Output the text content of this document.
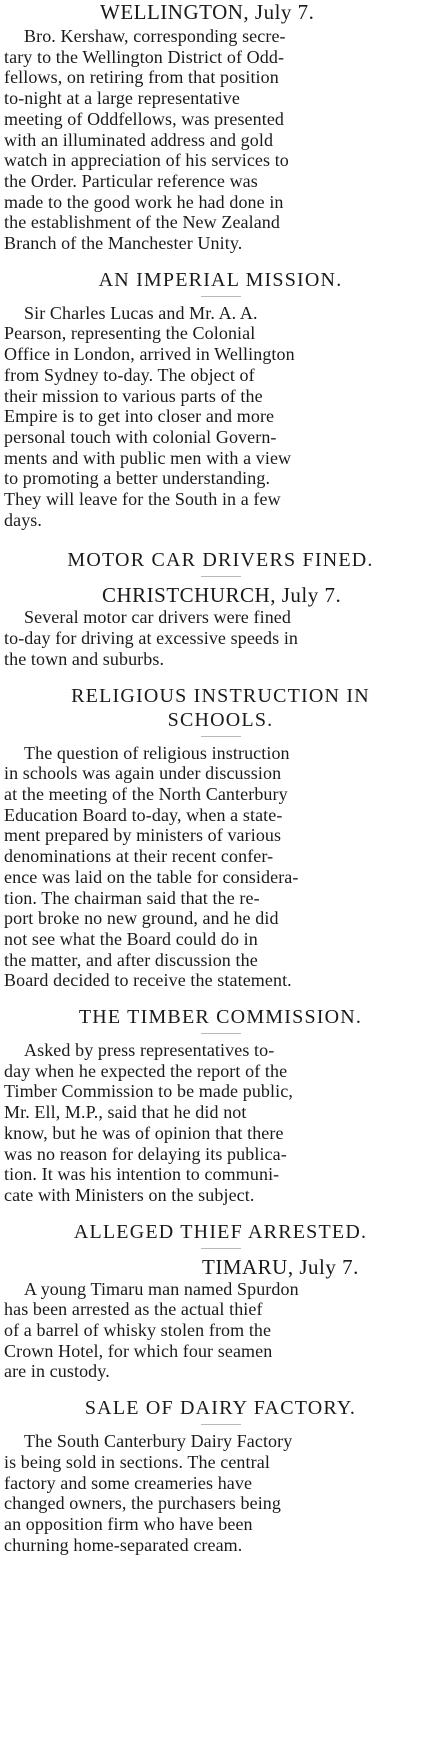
WELLINGTON, July 7.

Bro. Kershaw, corresponding secre-
tary to the Wellington District of Odd-
fellows, on retiring from that position
to-night at a large representative
meeting of Oddfellows, was presented
with an illuminated address and gold
watch in appreciation of his services to
the Order. Particular reference was
made to the good work he had done in
the establishment of the New Zealand
Branch of the Manchester Unity.

AN IMPERIAL MISSION.

Sir Charles Lucas and Mr. A. A.
Pearson, representing the Colonial
Office in London, arrived in Wellington
from Sydney to-day. The object of
their mission to various parts of the
Empire is to get into closer and more
personal touch with colonial Govern-
ments and with public men with a view
to promoting a better understanding.
They will leave for the South in a few
days.

MOTOR CAR DRIVERS FINED.
CHRISTCHURCH, July 7.

Several motor car drivers were fined
to-day for driving at excessive speeds in
the town and suburbs.

RELIGIOUS INSTRUCTION IN
SCHOOLS.

The question of religious instruction
in schools was again under discussion
at the meeting of the North Canterbury
Education Board to-day, when a state-
ment prepared by ministers of various
denominations at their recent confer-
ence was laid on the table for considera-
tion. The chairman said that the re-
port broke no new ground, and he did
not see what the Board could do in
the matter, and after discussion the
Board decided to receive the statement.

THE TIMBER COMMISSION.

Asked by press representatives to-
day when he expected the report of the
Timber Commission to be made public,
Mr. Ell, M.P., said that he did not
know, but he was of opinion that there
was no reason for delaying its publica-
tion. It was his intention to communi-
cate with Ministers on the subject.

ALLEGED THIEF ARRESTED.
TIMARU, July 7.

A young Timaru man named Spurdon
has been arrested as the actual thief
of a barrel of whisky stolen from the
Crown Hotel, for which four seamen
are in custody.

SALE OF DAIRY FACTORY.

The South Canterbury Dairy Factory
is being sold in sections. The central
factory and some creameries have
changed owners, the purchasers being
an opposition firm who have been
churning home-separated cream.
